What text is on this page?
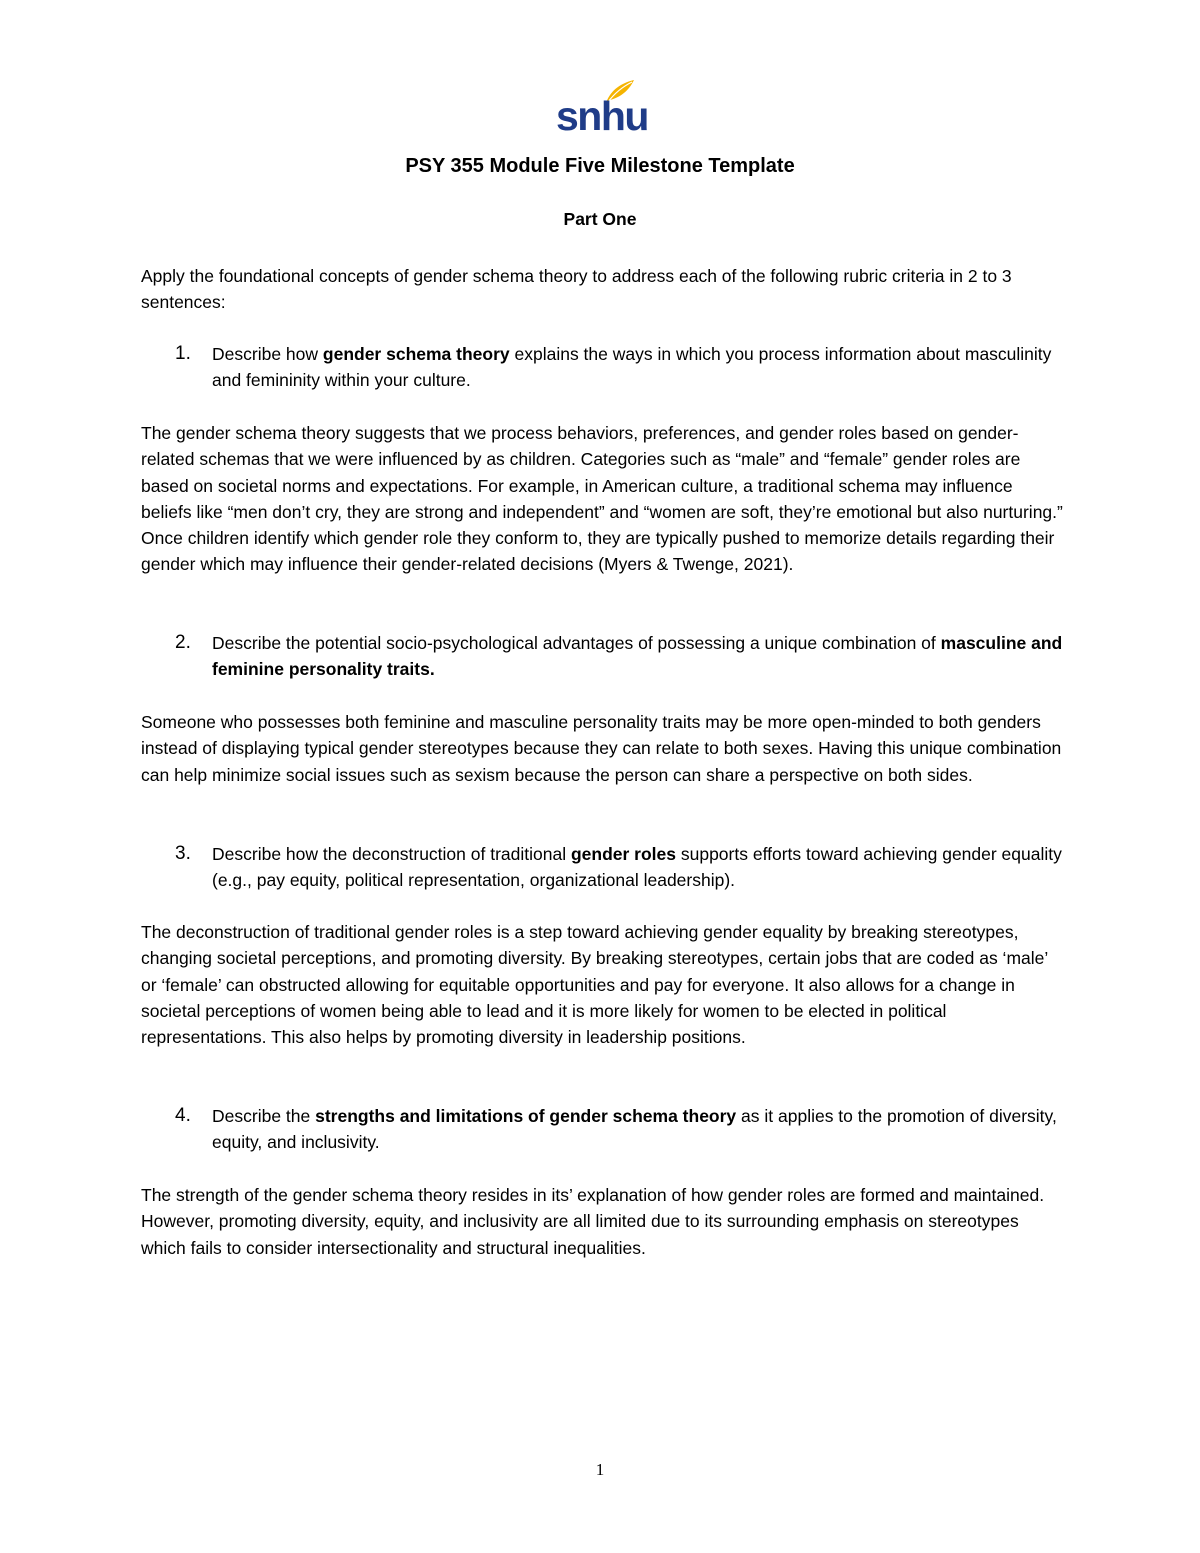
snhu
PSY 355 Module Five Milestone Template
Part One

Apply the foundational concepts of gender schema theory to address each of the following rubric criteria in 2 to 3 sentences:

1. Describe how gender schema theory explains the ways in which you process information about masculinity and femininity within your culture.

The gender schema theory suggests that we process behaviors, preferences, and gender roles based on gender-related schemas that we were influenced by as children. Categories such as “male” and “female” gender roles are based on societal norms and expectations. For example, in American culture, a traditional schema may influence beliefs like “men don’t cry, they are strong and independent” and “women are soft, they’re emotional but also nurturing.” Once children identify which gender role they conform to, they are typically pushed to memorize details regarding their gender which may influence their gender-related decisions (Myers & Twenge, 2021).

2. Describe the potential socio-psychological advantages of possessing a unique combination of masculine and feminine personality traits.

Someone who possesses both feminine and masculine personality traits may be more open-minded to both genders instead of displaying typical gender stereotypes because they can relate to both sexes. Having this unique combination can help minimize social issues such as sexism because the person can share a perspective on both sides.

3. Describe how the deconstruction of traditional gender roles supports efforts toward achieving gender equality (e.g., pay equity, political representation, organizational leadership).

The deconstruction of traditional gender roles is a step toward achieving gender equality by breaking stereotypes, changing societal perceptions, and promoting diversity. By breaking stereotypes, certain jobs that are coded as ‘male’ or ‘female’ can obstructed allowing for equitable opportunities and pay for everyone. It also allows for a change in societal perceptions of women being able to lead and it is more likely for women to be elected in political representations. This also helps by promoting diversity in leadership positions.

4. Describe the strengths and limitations of gender schema theory as it applies to the promotion of diversity, equity, and inclusivity.

The strength of the gender schema theory resides in its’ explanation of how gender roles are formed and maintained. However, promoting diversity, equity, and inclusivity are all limited due to its surrounding emphasis on stereotypes which fails to consider intersectionality and structural inequalities.

1
